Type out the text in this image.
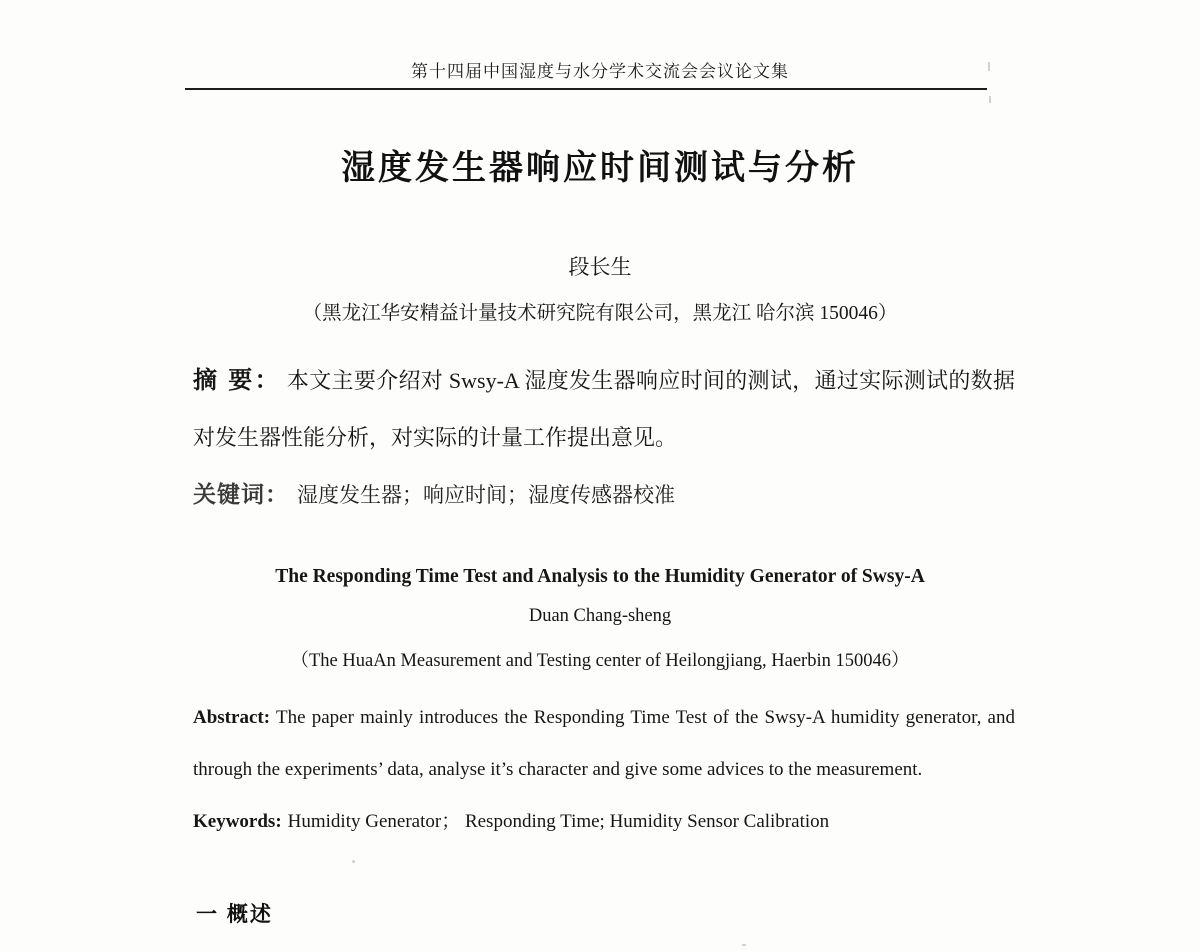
第十四届中国湿度与水分学术交流会会议论文集
湿度发生器响应时间测试与分析
段长生
（黑龙江华安精益计量技术研究院有限公司，黑龙江 哈尔滨 150046）

摘 要： 本文主要介绍对 Swsy-A 湿度发生器响应时间的测试，通过实际测试的数据对发生器性能分析，对实际的计量工作提出意见。

关键词： 湿度发生器；响应时间；湿度传感器校准

The Responding Time Test and Analysis to the Humidity Generator of Swsy-A
Duan Chang-sheng
（The HuaAn Measurement and Testing center of Heilongjiang, Haerbin 150046）

Abstract: The paper mainly introduces the Responding Time Test of the Swsy-A humidity generator, and through the experiments’ data, analyse it’s character and give some advices to the measurement.

Keywords: Humidity Generator； Responding Time; Humidity Sensor Calibration

一 概述
